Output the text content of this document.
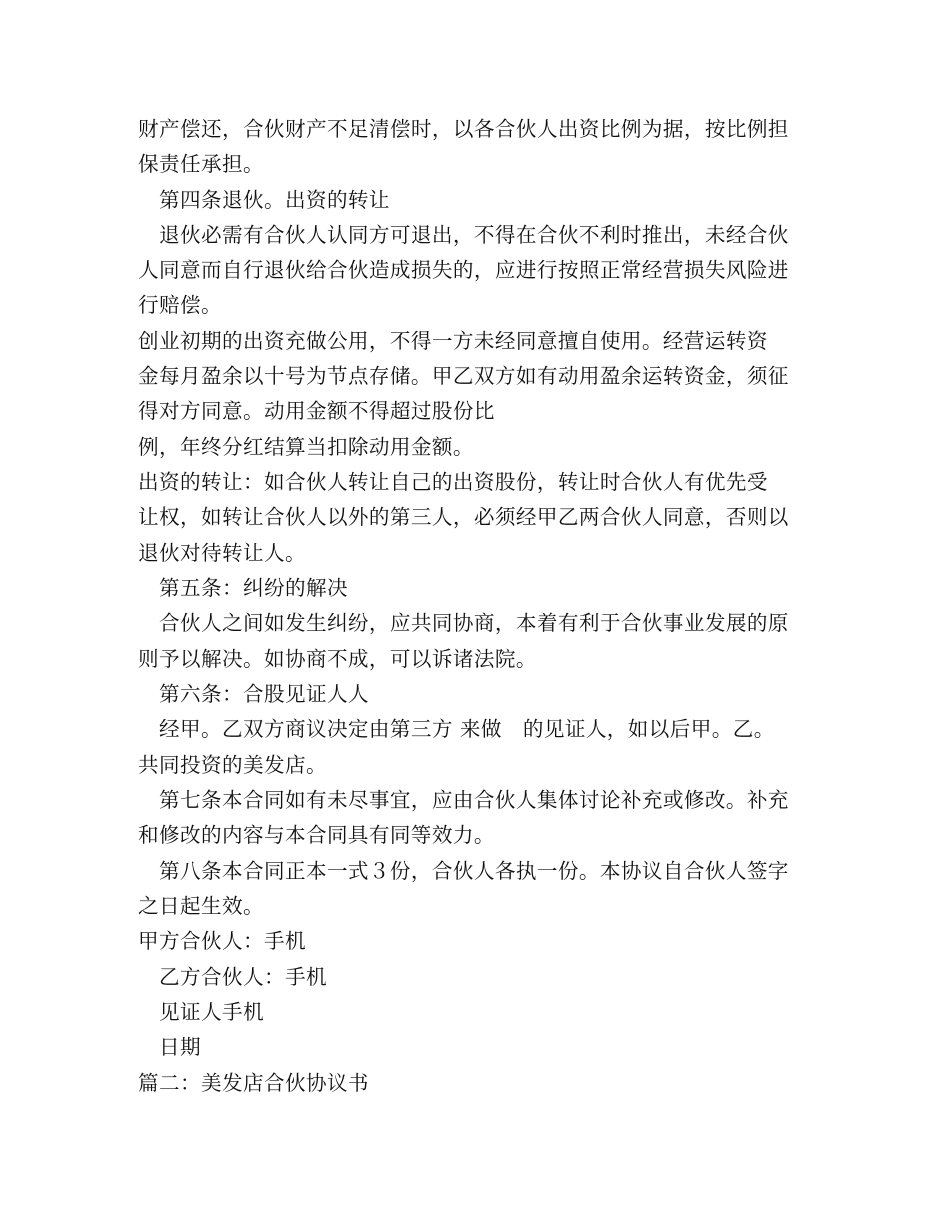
财产偿还，合伙财产不足清偿时，以各合伙人出资比例为据，按比例担
保责任承担。
　第四条退伙。出资的转让
　退伙必需有合伙人认同方可退出，不得在合伙不利时推出，未经合伙
人同意而自行退伙给合伙造成损失的，应进行按照正常经营损失风险进
行赔偿。
创业初期的出资充做公用，不得一方未经同意擅自使用。经营运转资
金每月盈余以十号为节点存储。甲乙双方如有动用盈余运转资金，须征
得对方同意。动用金额不得超过股份比
例，年终分红结算当扣除动用金额。
出资的转让：如合伙人转让自己的出资股份，转让时合伙人有优先受
让权，如转让合伙人以外的第三人，必须经甲乙两合伙人同意，否则以
退伙对待转让人。
　第五条：纠纷的解决
　合伙人之间如发生纠纷，应共同协商，本着有利于合伙事业发展的原
则予以解决。如协商不成，可以诉诸法院。
　第六条：合股见证人人
　经甲。乙双方商议决定由第三方 来做　的见证人，如以后甲。乙。
共同投资的美发店。
　第七条本合同如有未尽事宜，应由合伙人集体讨论补充或修改。补充
和修改的内容与本合同具有同等效力。
　第八条本合同正本一式３份，合伙人各执一份。本协议自合伙人签字
之日起生效。
甲方合伙人：手机
　乙方合伙人：手机
　见证人手机
　日期
篇二：美发店合伙协议书
